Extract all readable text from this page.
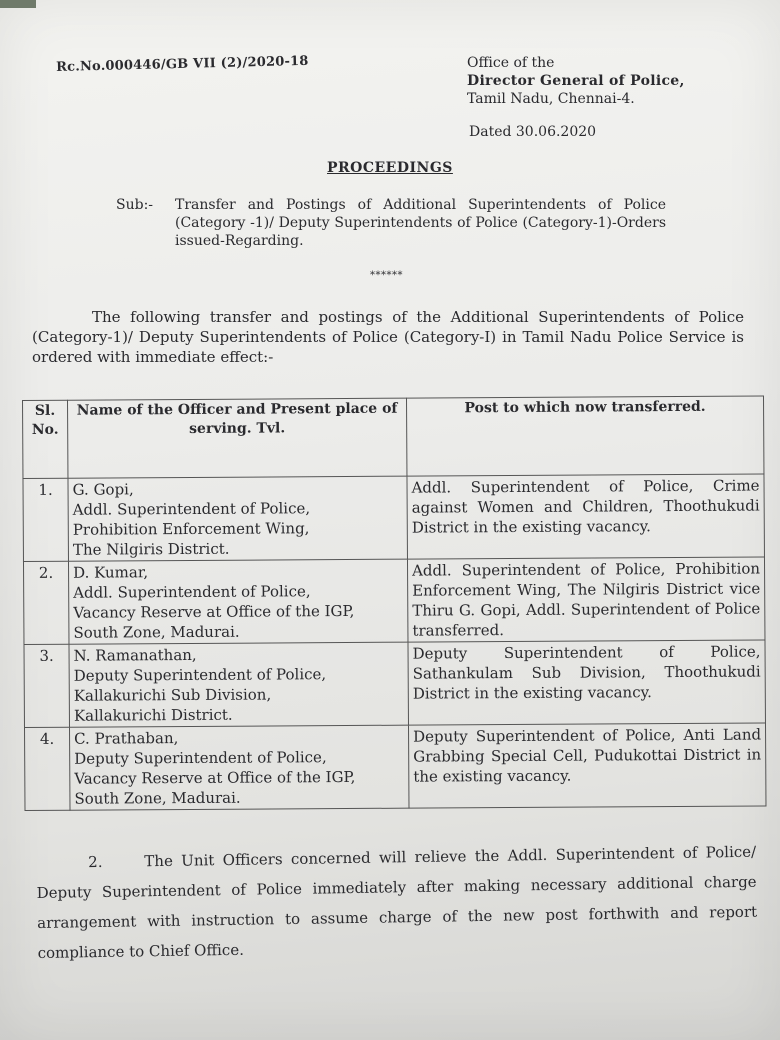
Rc.No.000446/GB VII (2)/2020-18	Office of the
Director General of Police,
Tamil Nadu, Chennai-4.
Dated 30.06.2020
PROCEEDINGS
Sub:- Transfer and Postings of Additional Superintendents of Police (Category -1)/ Deputy Superintendents of Police (Category-1)-Orders issued-Regarding.
******
The following transfer and postings of the Additional Superintendents of Police (Category-1)/ Deputy Superintendents of Police (Category-I) in Tamil Nadu Police Service is ordered with immediate effect:-
Sl. No.	Name of the Officer and Present place of serving. Tvl.	Post to which now transferred.
1.	G. Gopi,
Addl. Superintendent of Police,
Prohibition Enforcement Wing,
The Nilgiris District.	Addl. Superintendent of Police, Crime against Women and Children, Thoothukudi District in the existing vacancy.
2.	D. Kumar,
Addl. Superintendent of Police,
Vacancy Reserve at Office of the IGP,
South Zone, Madurai.	Addl. Superintendent of Police, Prohibition Enforcement Wing, The Nilgiris District vice Thiru G. Gopi, Addl. Superintendent of Police transferred.
3.	N. Ramanathan,
Deputy Superintendent of Police,
Kallakurichi Sub Division,
Kallakurichi District.	Deputy Superintendent of Police, Sathankulam Sub Division, Thoothukudi District in the existing vacancy.
4.	C. Prathaban,
Deputy Superintendent of Police,
Vacancy Reserve at Office of the IGP,
South Zone, Madurai.	Deputy Superintendent of Police, Anti Land Grabbing Special Cell, Pudukottai District in the existing vacancy.
2.	The Unit Officers concerned will relieve the Addl. Superintendent of Police/ Deputy Superintendent of Police immediately after making necessary additional charge arrangement with instruction to assume charge of the new post forthwith and report compliance to Chief Office.
